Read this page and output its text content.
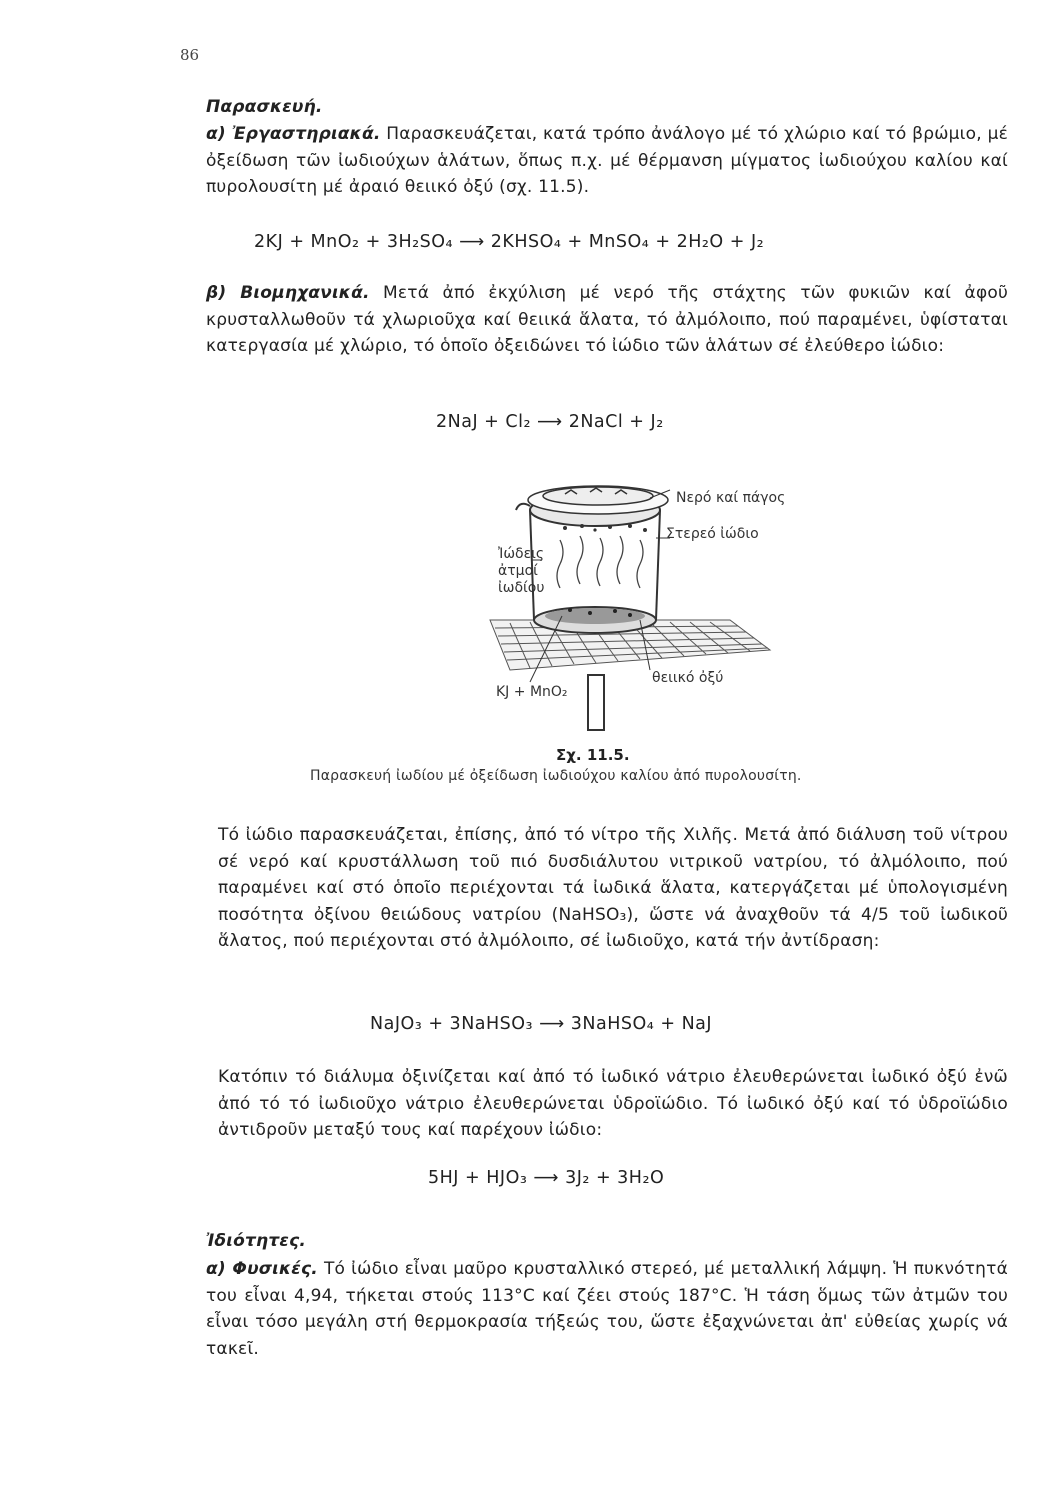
86
Παρασκευή.
α) Ἐργαστηριακά. Παρασκευάζεται, κατά τρόπο ἀνάλογο μέ τό χλώριο καί τό βρώμιο, μέ ὀξείδωση τῶν ἰωδιούχων ἁλάτων, ὅπως π.χ. μέ θέρμανση μίγματος ἰωδιούχου καλίου καί πυρολουσίτη μέ ἀραιό θειικό ὀξύ (σχ. 11.5).
2KJ + MnO₂ + 3H₂SO₄ ⟶ 2KHSO₄ + MnSO₄ + 2H₂O + J₂
β) Βιομηχανικά. Μετά ἀπό ἐκχύλιση μέ νερό τῆς στάχτης τῶν φυκιῶν καί ἀφοῦ κρυσταλλωθοῦν τά χλωριοῦχα καί θειικά ἅλατα, τό ἀλμόλοιπο, πού παραμένει, ὑφίσταται κατεργασία μέ χλώριο, τό ὁποῖο ὀξειδώνει τό ἰώδιο τῶν ἁλάτων σέ ἐλεύθερο ἰώδιο:
2NaJ + Cl₂ ⟶ 2NaCl + J₂
Νερό καί πάγος
Στερεό ἰώδιο
Ἰώδεις ἀτμοί ἰωδίου
KJ + MnO₂
θειικό ὀξύ
Σχ. 11.5.
Παρασκευή ἰωδίου μέ ὀξείδωση ἰωδιούχου καλίου ἀπό πυρολουσίτη.
Τό ἰώδιο παρασκευάζεται, ἐπίσης, ἀπό τό νίτρο τῆς Χιλῆς. Μετά ἀπό διάλυση τοῦ νίτρου σέ νερό καί κρυστάλλωση τοῦ πιό δυσδιάλυτου νιτρικοῦ νατρίου, τό ἀλμόλοιπο, πού παραμένει καί στό ὁποῖο περιέχονται τά ἰωδικά ἅλατα, κατεργάζεται μέ ὑπολογισμένη ποσότητα ὀξίνου θειώδους νατρίου (NaHSO₃), ὥστε νά ἀναχθοῦν τά 4/5 τοῦ ἰωδικοῦ ἅλατος, πού περιέχονται στό ἀλμόλοιπο, σέ ἰωδιοῦχο, κατά τήν ἀντίδραση:
NaJO₃ + 3NaHSO₃ ⟶ 3NaHSO₄ + NaJ
Κατόπιν τό διάλυμα ὀξινίζεται καί ἀπό τό ἰωδικό νάτριο ἐλευθερώνεται ἰωδικό ὀξύ ἐνῶ ἀπό τό τό ἰωδιοῦχο νάτριο ἐλευθερώνεται ὑδροϊώδιο. Τό ἰωδικό ὀξύ καί τό ὑδροϊώδιο ἀντιδροῦν μεταξύ τους καί παρέχουν ἰώδιο:
5HJ + HJO₃ ⟶ 3J₂ + 3H₂O
Ἰδιότητες.
α) Φυσικές. Τό ἰώδιο εἶναι μαῦρο κρυσταλλικό στερεό, μέ μεταλλική λάμψη. Ἡ πυκνότητά του εἶναι 4,94, τήκεται στούς 113°C καί ζέει στούς 187°C. Ἡ τάση ὅμως τῶν ἀτμῶν του εἶναι τόσο μεγάλη στή θερμοκρασία τήξεώς του, ὥστε ἐξαχνώνεται ἀπ' εὐθείας χωρίς νά τακεῖ.
